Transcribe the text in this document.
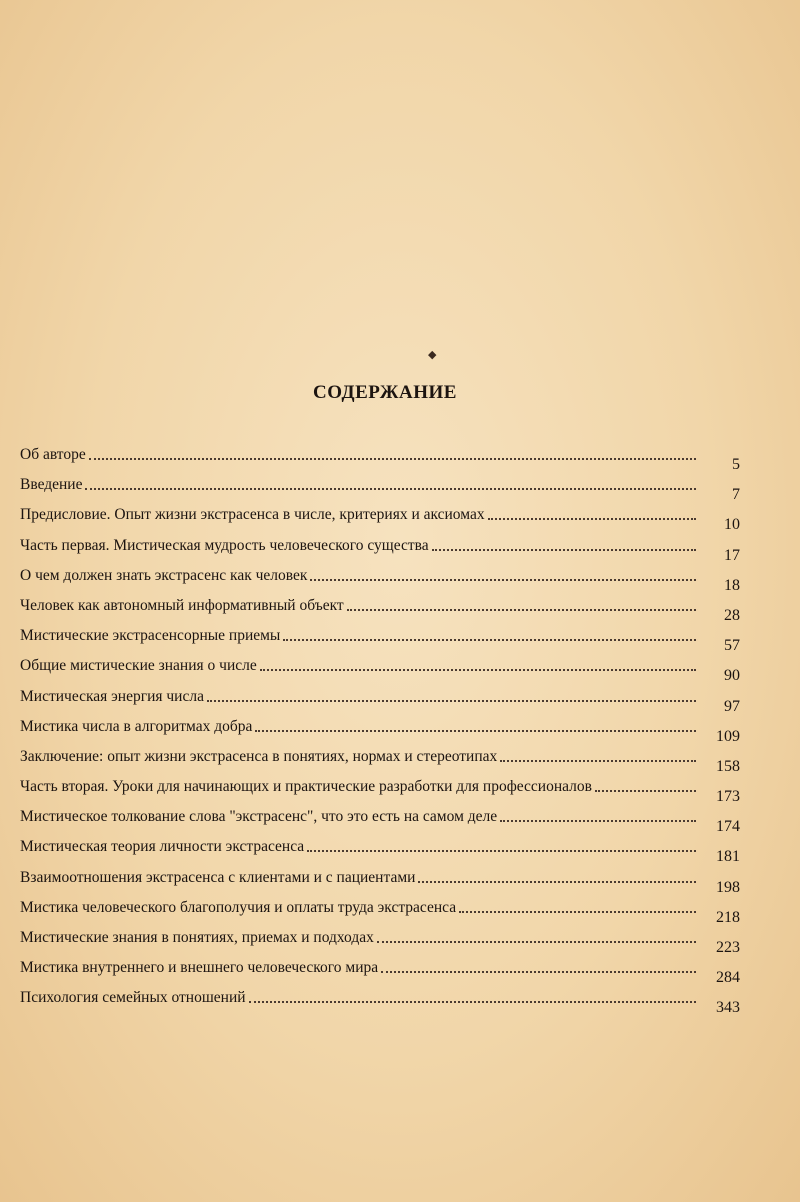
◆
СОДЕРЖАНИЕ
Об авторе
5
Введение
7
Предисловие. Опыт жизни экстрасенса в числе, критериях и аксиомах
10
Часть первая. Мистическая мудрость человеческого существа
17
О чем должен знать экстрасенс как человек
18
Человек как автономный информативный объект
28
Мистические экстрасенсорные приемы
57
Общие мистические знания о числе
90
Мистическая энергия числа
97
Мистика числа в алгоритмах добра
109
Заключение: опыт жизни экстрасенса в понятиях, нормах и стереотипах
158
Часть вторая. Уроки для начинающих и практические разработки для профессионалов
173
Мистическое толкование слова "экстрасенс", что это есть на самом деле
174
Мистическая теория личности экстрасенса
181
Взаимоотношения экстрасенса с клиентами и с пациентами
198
Мистика человеческого благополучия и оплаты труда экстрасенса
218
Мистические знания в понятиях, приемах и подходах
223
Мистика внутреннего и внешнего человеческого мира
284
Психология семейных отношений
343
